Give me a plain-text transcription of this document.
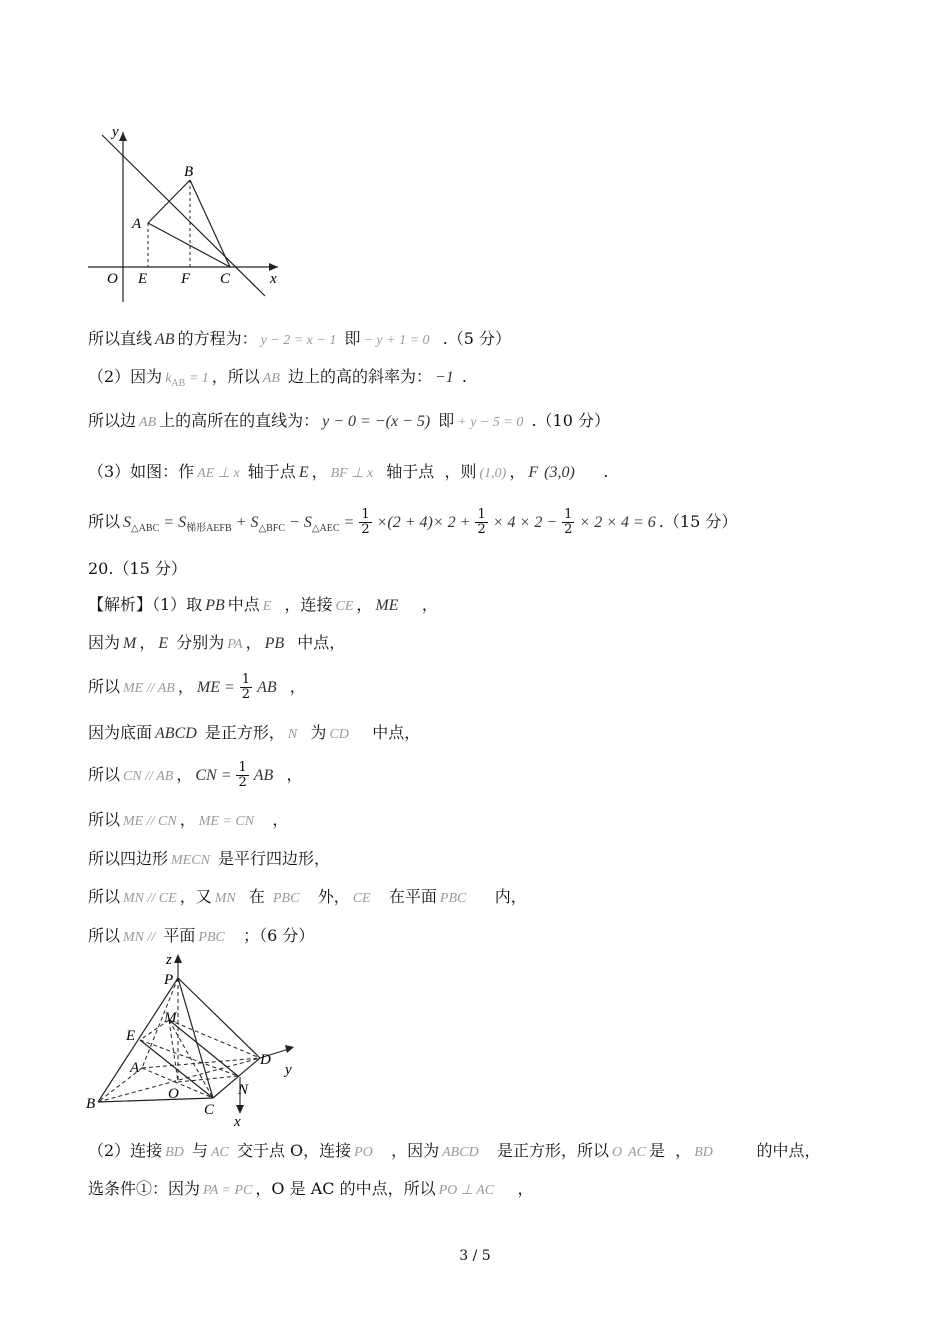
y
B
A
O E F C	x
所以直线 AB 的方程为： y − 2 = x − 1 即 − y + 1 = 0 .（5 分）
（2）因为 $k_{AB} = 1$ ，所以 AB 边上的高的斜率为： −1 .
所以边 AB 上的高所在的直线为： y − 0 = −(x − 5) 即 + y − 5 = 0 .（10 分）
（3）如图：作 AE ⊥ x 轴于点 E ， BF ⊥ x 轴于点 ，则 (1,0) ， F (3,0) .
所以 $S_{\triangle ABC} = S_{梯形AEFB} + S_{\triangle BFC} - S_{\triangle AEC} = \frac{1}{2} \times(2 + 4)\times 2 + \frac{1}{2} \times 4 \times 2 - \frac{1}{2} \times 2 \times 4 = 6$ .（15 分）
20.（15 分）
【解析】（1）取 PB 中点 E ，连接 CE ， ME ，
因为 M ， E 分别为 PA ， PB 中点，
所以 ME // AB ， ME = $\frac{1}{2}$ AB ，
因为底面 ABCD 是正方形， N 为 CD 中点，
所以 CN // AB ， CN = $\frac{1}{2}$ AB ，
所以 ME // CN ， ME = CN ，
所以四边形 MECN 是平行四边形，
所以 MN // CE ，又 MN 在 PBC 外， CE 在平面 PBC 内，
所以 MN // 平面 PBC ；（6 分）
z
P
M
E
D
y
A
O	N
B	C
x
（2）连接 BD 与 AC 交于点 O，连接 PO ，因为 ABCD 是正方形，所以 O AC 是 ， BD	的中点，
选条件①：因为 PA = PC ，O 是 AC 的中点，所以 PO ⊥ AC ，
3 / 5
